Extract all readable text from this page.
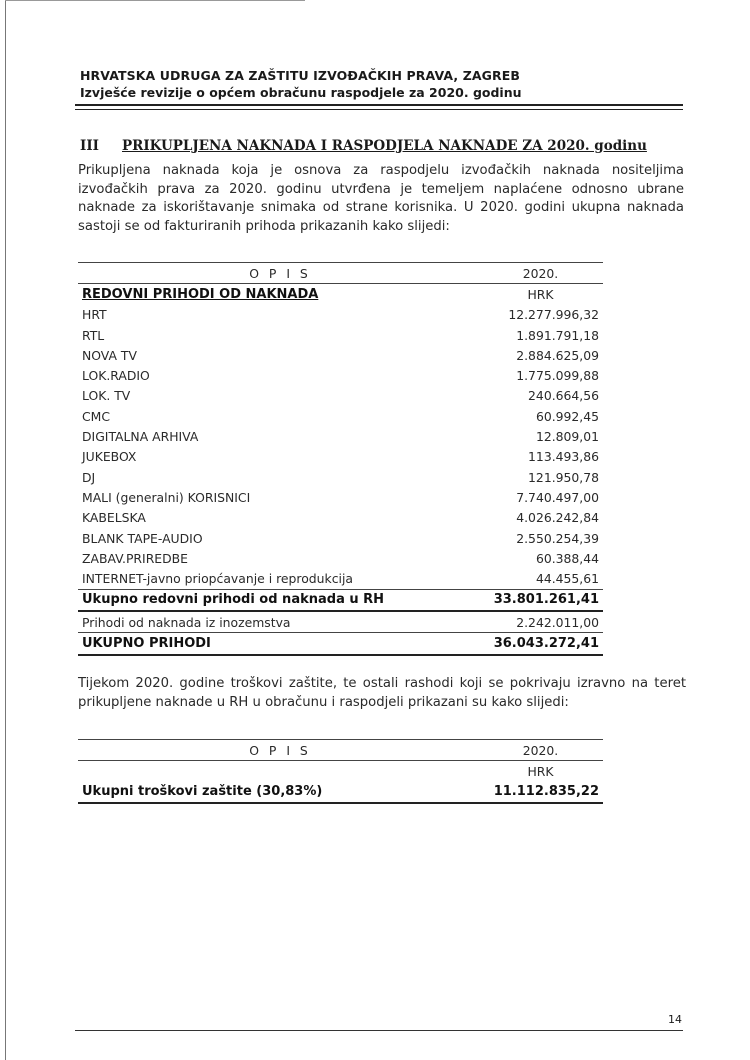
HRVATSKA UDRUGA ZA ZAŠTITU IZVOĐAČKIH PRAVA, ZAGREB
Izvješće revizije o općem obračunu raspodjele za 2020. godinu
III PRIKUPLJENA NAKNADA I RASPODJELA NAKNADE ZA 2020. godinu
Prikupljena naknada koja je osnova za raspodjelu izvođačkih naknada nositeljima izvođačkih prava za 2020. godinu utvrđena je temeljem naplaćene odnosno ubrane naknade za iskorištavanje snimaka od strane korisnika. U 2020. godini ukupna naknada sastoji se od fakturiranih prihoda prikazanih kako slijedi:
O P I S	2020.
REDOVNI PRIHODI OD NAKNADA	HRK
HRT	12.277.996,32
RTL	1.891.791,18
NOVA TV	2.884.625,09
LOK.RADIO	1.775.099,88
LOK. TV	240.664,56
CMC	60.992,45
DIGITALNA ARHIVA	12.809,01
JUKEBOX	113.493,86
DJ	121.950,78
MALI (generalni) KORISNICI	7.740.497,00
KABELSKA	4.026.242,84
BLANK TAPE-AUDIO	2.550.254,39
ZABAV.PRIREDBE	60.388,44
INTERNET-javno priopćavanje i reprodukcija	44.455,61
Ukupno redovni prihodi od naknada u RH	33.801.261,41
Prihodi od naknada iz inozemstva	2.242.011,00
UKUPNO PRIHODI	36.043.272,41
Tijekom 2020. godine troškovi zaštite, te ostali rashodi koji se pokrivaju izravno na teret prikupljene naknade u RH u obračunu i raspodjeli prikazani su kako slijedi:
O P I S	2020.
	HRK
Ukupni troškovi zaštite (30,83%)	11.112.835,22
14
